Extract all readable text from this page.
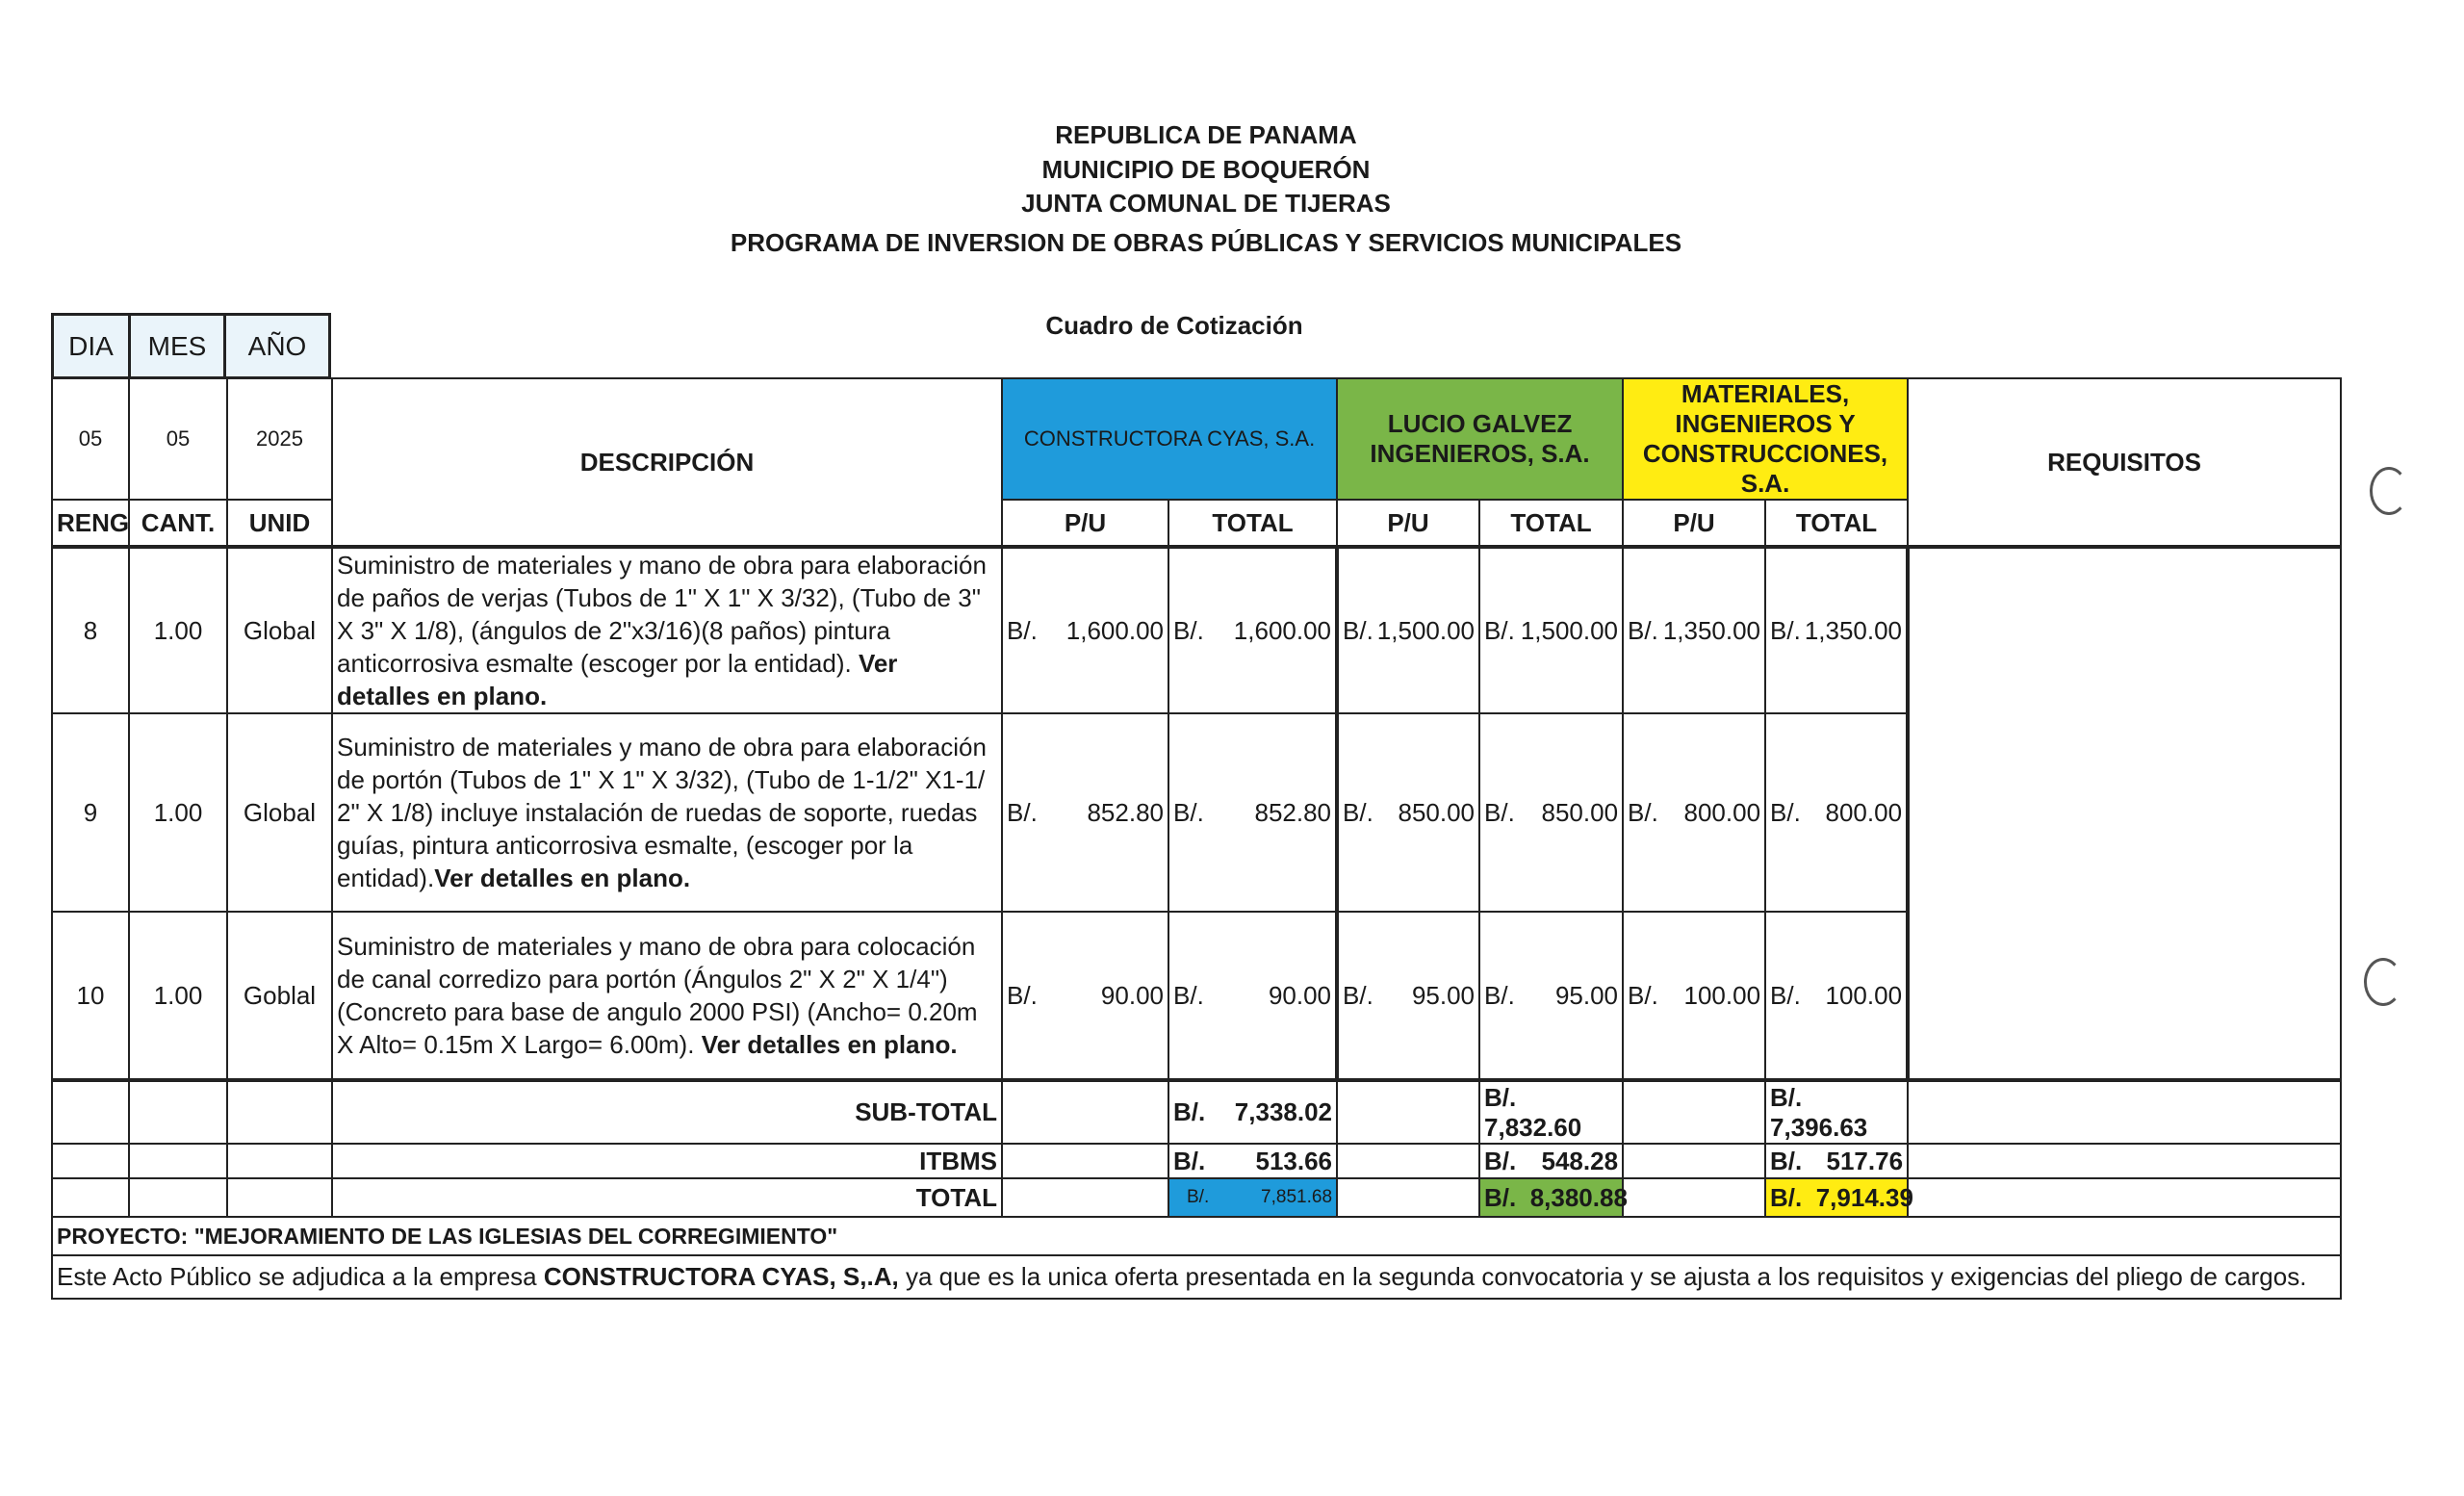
REPUBLICA DE PANAMA
MUNICIPIO DE BOQUERÓN
JUNTA COMUNAL DE TIJERAS
PROGRAMA DE INVERSION DE OBRAS PÚBLICAS Y SERVICIOS MUNICIPALES
Cuadro de Cotización
DIA	MES	AÑO
05	05	2025	DESCRIPCIÓN	CONSTRUCTORA CYAS, S.A.		LUCIO GALVEZ INGENIEROS, S.A.		MATERIALES, INGENIEROS Y CONSTRUCCIONES, S.A.		REQUISITOS
RENG	CANT.	UNID		P/U	TOTAL	P/U	TOTAL	P/U	TOTAL	
8	1.00	Global	Suministro de materiales y mano de obra para elaboración de paños de verjas (Tubos de 1" X 1" X 3/32), (Tubo de 3" X 3" X 1/8), (ángulos de 2"x3/16)(8 paños) pintura anticorrosiva esmalte (escoger por la entidad). Ver detalles en plano.	B/. 1,600.00	B/. 1,600.00	B/. 1,500.00	B/. 1,500.00	B/. 1,350.00	B/. 1,350.00	

9	1.00	Global	Suministro de materiales y mano de obra para elaboración de portón (Tubos de 1" X 1" X 3/32), (Tubo de 1-1/2" X1-1/ 2" X 1/8) incluye instalación de ruedas de soporte, ruedas guías, pintura anticorrosiva esmalte, (escoger por la entidad).Ver detalles en plano.	B/. 852.80	B/. 852.80	B/. 850.00	B/. 850.00	B/. 800.00	B/. 800.00	

10	1.00	Goblal	Suministro de materiales y mano de obra para colocación de canal corredizo para portón (Ángulos 2" X 2" X 1/4") (Concreto para base de angulo 2000 PSI) (Ancho= 0.20m X Alto= 0.15m X Largo= 6.00m). Ver detalles en plano.	B/. 90.00	B/. 90.00	B/. 95.00	B/. 95.00	B/. 100.00	B/. 100.00	

			SUB-TOTAL		B/. 7,338.02		B/.  7,832.60		B/.  7,396.63	
			ITBMS		B/. 513.66		B/. 548.28		B/. 517.76	

			TOTAL		B/. 7,851.68		B/. 8,380.88		B/. 7,914.39	
PROYECTO: "MEJORAMIENTO DE LAS IGLESIAS DEL CORREGIMIENTO"										
Este Acto Público se adjudica a la empresa CONSTRUCTORA CYAS, S,.A, ya que es la unica oferta presentada en la segunda convocatoria y se ajusta a los requisitos y exigencias del pliego de cargos.										
